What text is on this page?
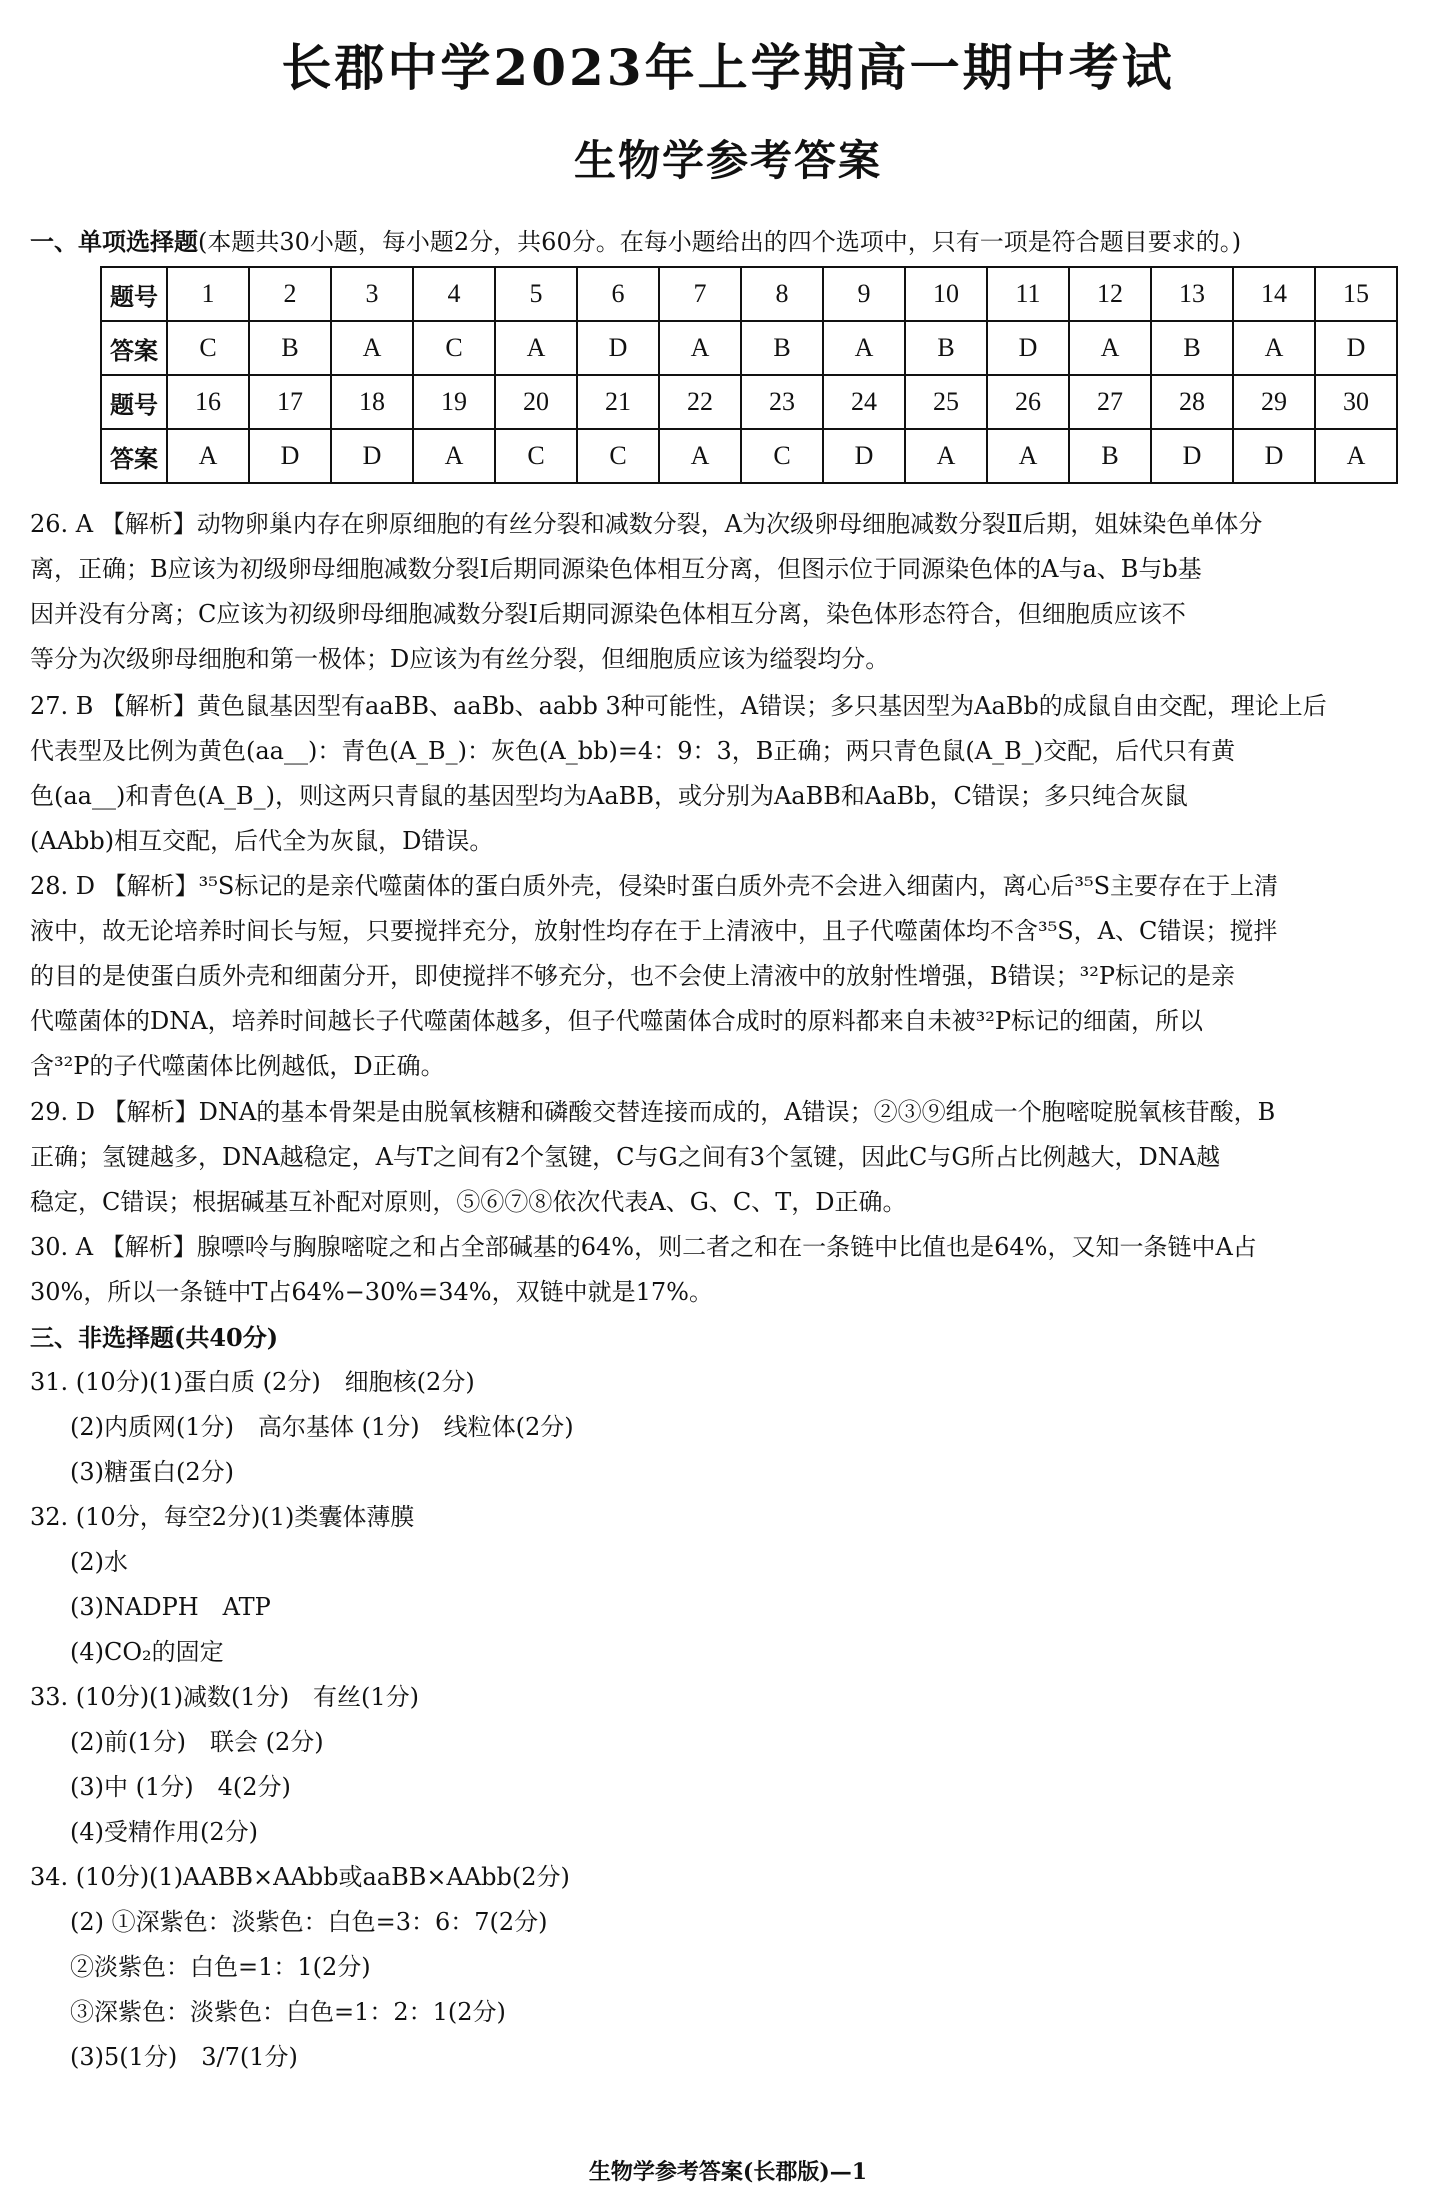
长郡中学2023年上学期高一期中考试
生物学参考答案
一、单项选择题(本题共30小题，每小题2分，共60分。在每小题给出的四个选项中，只有一项是符合题目要求的。)
题号	1	2	3	4	5	6	7	8	9	10	11	12	13	14	15
答案	C	B	A	C	A	D	A	B	A	B	D	A	B	A	D
题号	16	17	18	19	20	21	22	23	24	25	26	27	28	29	30
答案	A	D	D	A	C	C	A	C	D	A	A	B	D	D	A
26. A 【解析】动物卵巢内存在卵原细胞的有丝分裂和减数分裂，A为次级卵母细胞减数分裂Ⅱ后期，姐妹染色单体分
离，正确；B应该为初级卵母细胞减数分裂Ⅰ后期同源染色体相互分离，但图示位于同源染色体的A与a、B与b基
因并没有分离；C应该为初级卵母细胞减数分裂Ⅰ后期同源染色体相互分离，染色体形态符合，但细胞质应该不
等分为次级卵母细胞和第一极体；D应该为有丝分裂，但细胞质应该为缢裂均分。
27. B 【解析】黄色鼠基因型有aaBB、aaBb、aabb 3种可能性，A错误；多只基因型为AaBb的成鼠自由交配，理论上后
代表型及比例为黄色(aa__)：青色(A_B_)：灰色(A_bb)=4：9：3，B正确；两只青色鼠(A_B_)交配，后代只有黄
色(aa__)和青色(A_B_)，则这两只青鼠的基因型均为AaBB，或分别为AaBB和AaBb，C错误；多只纯合灰鼠
(AAbb)相互交配，后代全为灰鼠，D错误。
28. D 【解析】³⁵S标记的是亲代噬菌体的蛋白质外壳，侵染时蛋白质外壳不会进入细菌内，离心后³⁵S主要存在于上清
液中，故无论培养时间长与短，只要搅拌充分，放射性均存在于上清液中，且子代噬菌体均不含³⁵S，A、C错误；搅拌
的目的是使蛋白质外壳和细菌分开，即使搅拌不够充分，也不会使上清液中的放射性增强，B错误；³²P标记的是亲
代噬菌体的DNA，培养时间越长子代噬菌体越多，但子代噬菌体合成时的原料都来自未被³²P标记的细菌，所以
含³²P的子代噬菌体比例越低，D正确。
29. D 【解析】DNA的基本骨架是由脱氧核糖和磷酸交替连接而成的，A错误；②③⑨组成一个胞嘧啶脱氧核苷酸，B
正确；氢键越多，DNA越稳定，A与T之间有2个氢键，C与G之间有3个氢键，因此C与G所占比例越大，DNA越
稳定，C错误；根据碱基互补配对原则，⑤⑥⑦⑧依次代表A、G、C、T，D正确。
30. A 【解析】腺嘌呤与胸腺嘧啶之和占全部碱基的64%，则二者之和在一条链中比值也是64%，又知一条链中A占
30%，所以一条链中T占64%−30%=34%，双链中就是17%。
三、非选择题(共40分)
31. (10分)(1)蛋白质 (2分)　细胞核(2分)
(2)内质网(1分)　高尔基体 (1分)　线粒体(2分)
(3)糖蛋白(2分)
32. (10分，每空2分)(1)类囊体薄膜
(2)水
(3)NADPH　ATP
(4)CO₂的固定
33. (10分)(1)减数(1分)　有丝(1分)
(2)前(1分)　联会 (2分)
(3)中 (1分)　4(2分)
(4)受精作用(2分)
34. (10分)(1)AABB×AAbb或aaBB×AAbb(2分)
(2) ①深紫色：淡紫色：白色=3：6：7(2分)
②淡紫色：白色=1：1(2分)
③深紫色：淡紫色：白色=1：2：1(2分)
(3)5(1分)　3/7(1分)
生物学参考答案(长郡版)—1
